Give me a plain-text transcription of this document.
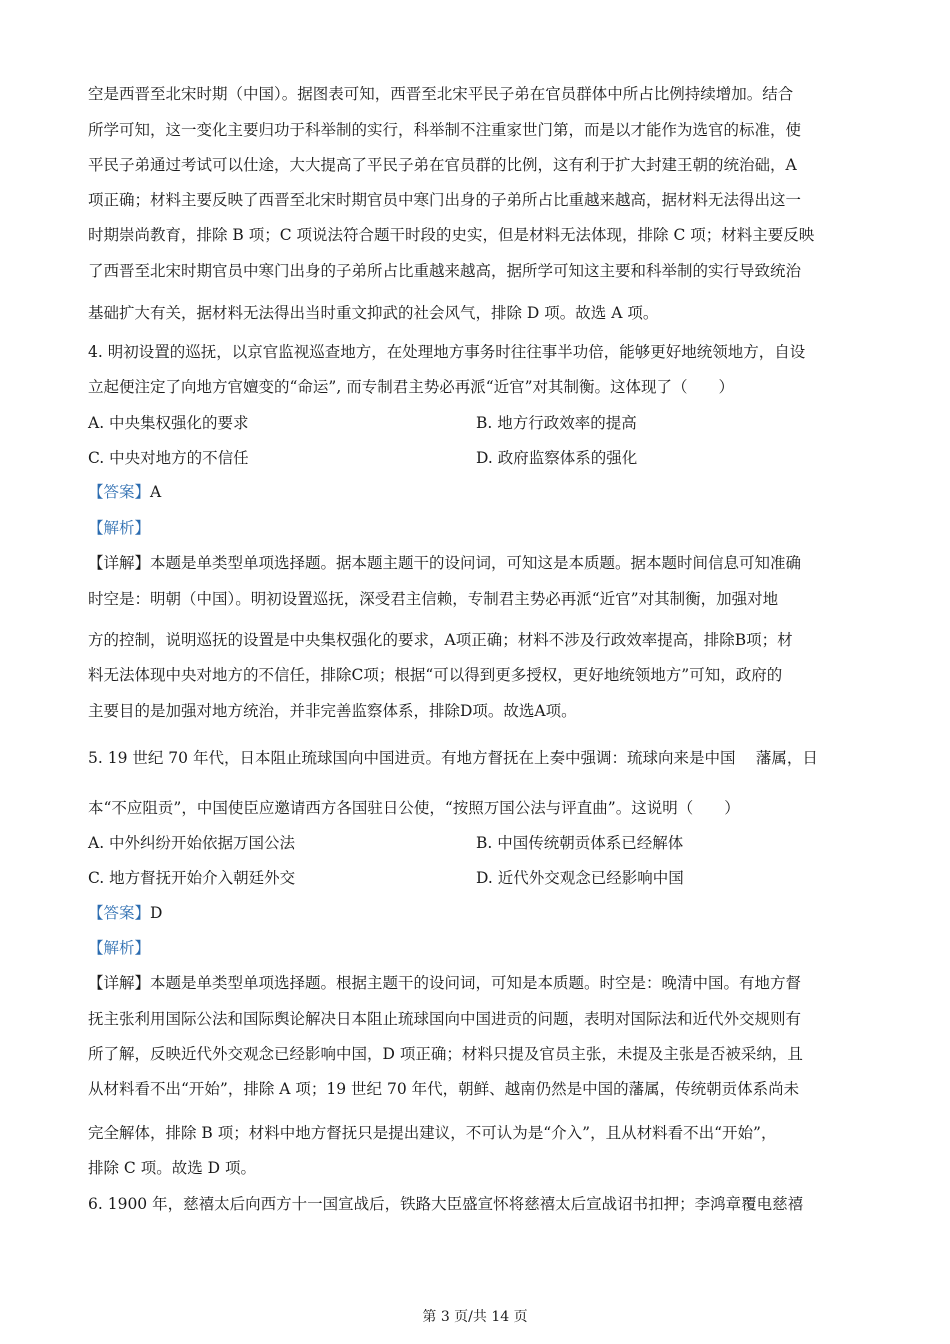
空是西晋至北宋时期（中国）。据图表可知，西晋至北宋平民子弟在官员群体中所占比例持续增加。结合

所学可知，这一变化主要归功于科举制的实行，科举制不注重家世门第，而是以才能作为选官的标准，使

平民子弟通过考试可以仕途，大大提高了平民子弟在官员群的比例，这有利于扩大封建王朝的统治础，A

项正确；材料主要反映了西晋至北宋时期官员中寒门出身的子弟所占比重越来越高，据材料无法得出这一

时期崇尚教育，排除 B 项；C 项说法符合题干时段的史实，但是材料无法体现，排除 C 项；材料主要反映

了西晋至北宋时期官员中寒门出身的子弟所占比重越来越高，据所学可知这主要和科举制的实行导致统治

基础扩大有关，据材料无法得出当时重文抑武的社会风气，排除 D 项。故选 A 项。

4. 明初设置的巡抚，以京官监视巡查地方，在处理地方事务时往往事半功倍，能够更好地统领地方，自设

立起便注定了向地方官嬗变的“命运”, 而专制君主势必再派“近官”对其制衡。这体现了（　　）

A. 中央集权强化的要求	B. 地方行政效率的提高
C. 中央对地方的不信任	D. 政府监察体系的强化

【答案】A

【解析】

【详解】本题是单类型单项选择题。据本题主题干的设问词，可知这是本质题。据本题时间信息可知准确

时空是：明朝（中国）。明初设置巡抚，深受君主信赖，专制君主势必再派“近官”对其制衡，加强对地

方的控制，说明巡抚的设置是中央集权强化的要求，A项正确；材料不涉及行政效率提高，排除B项；材

料无法体现中央对地方的不信任，排除C项；根据“可以得到更多授权，更好地统领地方”可知，政府的

主要目的是加强对地方统治，并非完善监察体系，排除D项。故选A项。

5. 19 世纪 70 年代，日本阻止琉球国向中国进贡。有地方督抚在上奏中强调：琉球向来是中国　 藩属，日

本“不应阻贡”，中国使臣应邀请西方各国驻日公使，“按照万国公法与评直曲”。这说明（　　）

A. 中外纠纷开始依据万国公法	B. 中国传统朝贡体系已经解体
C. 地方督抚开始介入朝廷外交	D. 近代外交观念已经影响中国

【答案】D

【解析】

【详解】本题是单类型单项选择题。根据主题干的设问词，可知是本质题。时空是：晚清中国。有地方督

抚主张利用国际公法和国际舆论解决日本阻止琉球国向中国进贡的问题，表明对国际法和近代外交规则有

所了解，反映近代外交观念已经影响中国，D 项正确；材料只提及官员主张，未提及主张是否被采纳，且

从材料看不出“开始”，排除 A 项；19 世纪 70 年代，朝鲜、越南仍然是中国的藩属，传统朝贡体系尚未

完全解体，排除 B 项；材料中地方督抚只是提出建议，不可认为是“介入”，且从材料看不出“开始”，

排除 C 项。故选 D 项。

6. 1900 年，慈禧太后向西方十一国宣战后，铁路大臣盛宣怀将慈禧太后宣战诏书扣押；李鸿章覆电慈禧

第 3 页/共 14 页
